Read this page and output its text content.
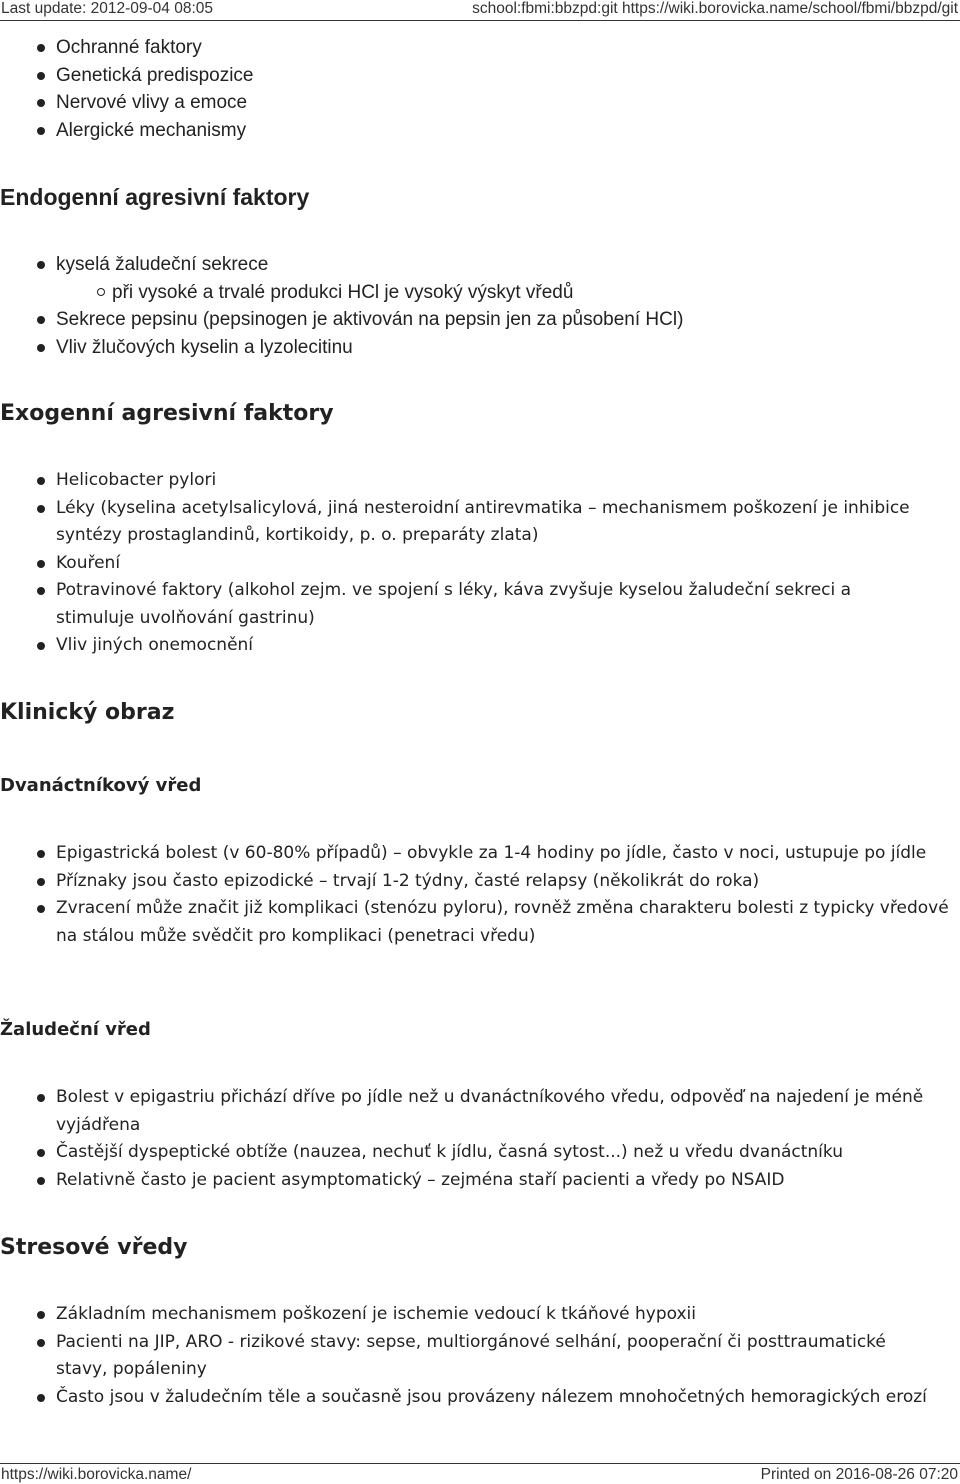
Last update: 2012-09-04 08:05	school:fbmi:bbzpd:git https://wiki.borovicka.name/school/fbmi/bbzpd/git
Ochranné faktory
Genetická predispozice
Nervové vlivy a emoce
Alergické mechanismy
Endogenní agresivní faktory
kyselá žaludeční sekrece
při vysoké a trvalé produkci HCl je vysoký výskyt vředů
Sekrece pepsinu (pepsinogen je aktivován na pepsin jen za působení HCl)
Vliv žlučových kyselin a lyzolecitinu
Exogenní agresivní faktory
Helicobacter pylori
Léky (kyselina acetylsalicylová, jiná nesteroidní antirevmatika – mechanismem poškození je inhibice syntézy prostaglandinů, kortikoidy, p. o. preparáty zlata)
Kouření
Potravinové faktory (alkohol zejm. ve spojení s léky, káva zvyšuje kyselou žaludeční sekreci a stimuluje uvolňování gastrinu)
Vliv jiných onemocnění
Klinický obraz
Dvanáctníkový vřed
Epigastrická bolest (v 60-80% případů) – obvykle za 1-4 hodiny po jídle, často v noci, ustupuje po jídle
Příznaky jsou často epizodické – trvají 1-2 týdny, časté relapsy (několikrát do roka)
Zvracení může značit již komplikaci (stenózu pyloru), rovněž změna charakteru bolesti z typicky vředové na stálou může svědčit pro komplikaci (penetraci vředu)
Žaludeční vřed
Bolest v epigastriu přichází dříve po jídle než u dvanáctníkového vředu, odpověď na najedení je méně vyjádřena
Častější dyspeptické obtíže (nauzea, nechuť k jídlu, časná sytost...) než u vředu dvanáctníku
Relativně často je pacient asymptomatický – zejména staří pacienti a vředy po NSAID
Stresové vředy
Základním mechanismem poškození je ischemie vedoucí k tkáňové hypoxii
Pacienti na JIP, ARO - rizikové stavy: sepse, multiorgánové selhání, pooperační či posttraumatické stavy, popáleniny
Často jsou v žaludečním těle a současně jsou provázeny nálezem mnohočetných hemoragických erozí
https://wiki.borovicka.name/	Printed on 2016-08-26 07:20
